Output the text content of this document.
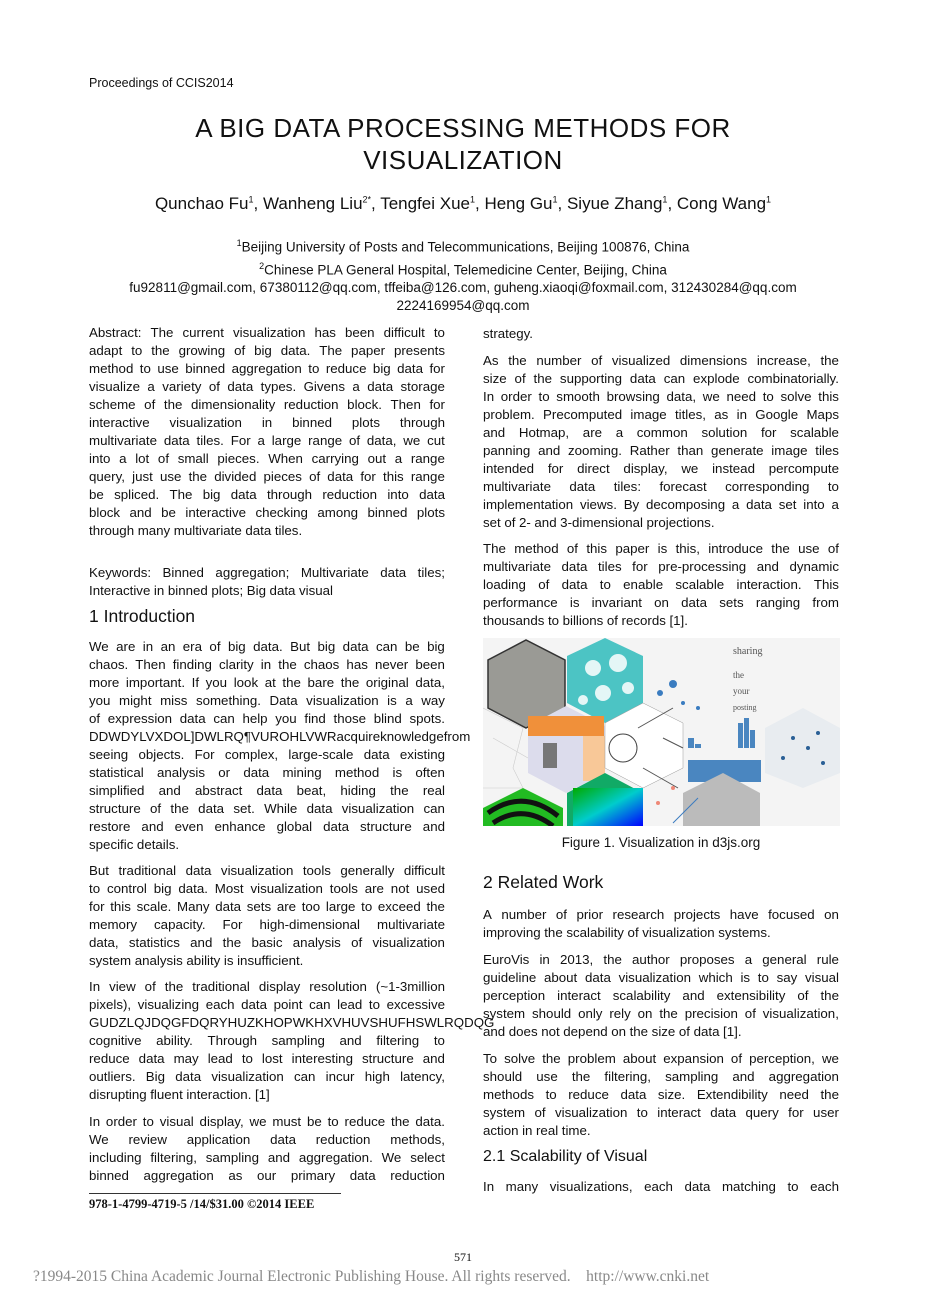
Proceedings of CCIS2014
A BIG DATA PROCESSING METHODS FOR
VISUALIZATION
Qunchao Fu$^1$, Wanheng Liu$^{2*}$, Tengfei Xue$^1$, Heng Gu$^1$, Siyue Zhang$^1$, Cong Wang$^1$
$^1$Beijing University of Posts and Telecommunications, Beijing 100876, China
$^2$Chinese PLA General Hospital, Telemedicine Center, Beijing, China
fu92811@gmail.com, 67380112@qq.com, tffeiba@126.com, guheng.xiaoqi@foxmail.com, 312430284@qq.com
2224169954@qq.com
Abstract: The current visualization has been difficult to
adapt to the growing of big data. The paper presents
method to use binned aggregation to reduce big data for
visualize a variety of data types. Givens a data storage
scheme of the dimensionality reduction block. Then for
interactive visualization in binned plots through
multivariate data tiles. For a large range of data, we cut
into a lot of small pieces. When carrying out a range
query, just use the divided pieces of data for this range
be spliced. The big data through reduction into data
block and be interactive checking among binned plots
through many multivariate data tiles.
Keywords: Binned aggregation; Multivariate data tiles;
Interactive in binned plots; Big data visual
1 Introduction
We are in an era of big data. But big data can be big
chaos. Then finding clarity in the chaos has never been
more important. If you look at the bare the original data,
you might miss something. Data visualization is a way
of expression data can help you find those blind spots.
DDWD YLVXDOL]DWLRQ¶V UROH LV WR acquire knowledge from
seeing objects. For complex, large-scale data existing
statistical analysis or data mining method is often
simplified and abstract data beat, hiding the real
structure of the data set. While data visualization can
restore and even enhance global data structure and
specific details.
But traditional data visualization tools generally difficult
to control big data. Most visualization tools are not used
for this scale. Many data sets are too large to exceed the
memory capacity. For high-dimensional multivariate
data, statistics and the basic analysis of visualization
system analysis ability is insufficient.
In view of the traditional display resolution (~1-3million
pixels), visualizing each data point can lead to excessive
GUDZLQJ DQG FDQ RYHUZKHOP WKH XVHUV SHUFHSWLRQ DQG
cognitive ability. Through sampling and filtering to
reduce data may lead to lost interesting structure and
outliers. Big data visualization can incur high latency,
disrupting fluent interaction. [1]
In order to visual display, we must be to reduce the data.
We review application data reduction methods,
including filtering, sampling and aggregation. We select
binned aggregation as our primary data reduction
strategy.
As the number of visualized dimensions increase, the
size of the supporting data can explode combinatorially.
In order to smooth browsing data, we need to solve this
problem. Precomputed image titles, as in Google Maps
and Hotmap, are a common solution for scalable
panning and zooming. Rather than generate image tiles
intended for direct display, we instead percompute
multivariate data tiles: forecast corresponding to
implementation views. By decomposing a data set into a
set of 2- and 3-dimensional projections.
The method of this paper is this, introduce the use of
multivariate data tiles for pre-processing and dynamic
loading of data to enable scalable interaction. This
performance is invariant on data sets ranging from
thousands to billions of records [1].
2 Related Work
A number of prior research projects have focused on
improving the scalability of visualization systems.
EuroVis in 2013, the author proposes a general rule
guideline about data visualization which is to say visual
perception interact scalability and extensibility of the
system should only rely on the precision of visualization,
and does not depend on the size of data [1].
To solve the problem about expansion of perception, we
should use the filtering, sampling and aggregation
methods to reduce data size. Extendibility need the
system of visualization to interact data query for user
action in real time.
2.1 Scalability of Visual
In many visualizations, each data matching to each
sharing
the
your
posting
Figure 1. Visualization in d3js.org
978-1-4799-4719-5 /14/$31.00 ©2014 IEEE
571
?1994-2015 China Academic Journal Electronic Publishing House. All rights reserved.    http://www.cnki.net
